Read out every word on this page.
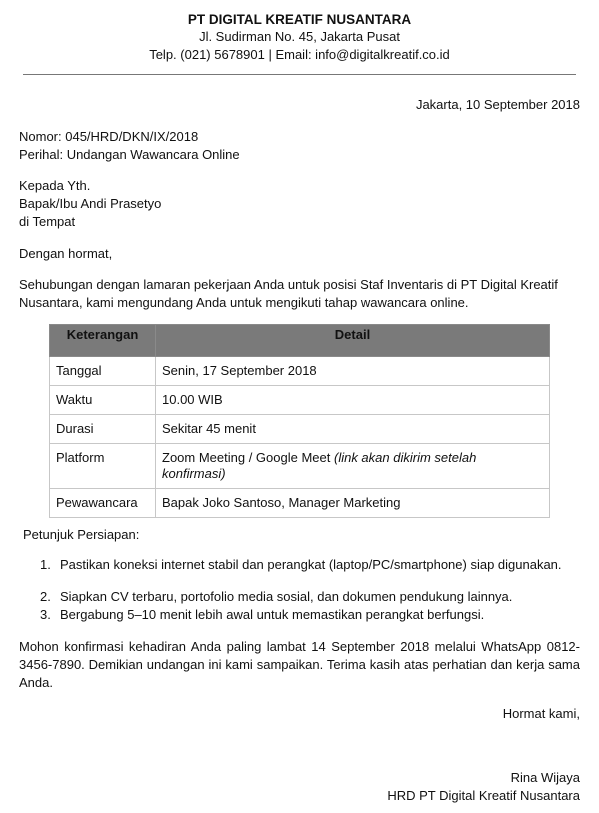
PT DIGITAL KREATIF NUSANTARA
Jl. Sudirman No. 45, Jakarta Pusat
Telp. (021) 5678901 | Email: info@digitalkreatif.co.id
Jakarta, 10 September 2018
Nomor: 045/HRD/DKN/IX/2018
Perihal: Undangan Wawancara Online
Kepada Yth.
Bapak/Ibu Andi Prasetyo
di Tempat
Dengan hormat,
Sehubungan dengan lamaran pekerjaan Anda untuk posisi Staf Inventaris di PT Digital Kreatif Nusantara, kami mengundang Anda untuk mengikuti tahap wawancara online.
Keterangan	Detail
Tanggal	Senin, 17 September 2018
Waktu	10.00 WIB
Durasi	Sekitar 45 menit
Platform	Zoom Meeting / Google Meet (link akan dikirim setelah konfirmasi)
Pewawancara	Bapak Joko Santoso, Manager Marketing
Petunjuk Persiapan:
1. Pastikan koneksi internet stabil dan perangkat (laptop/PC/smartphone) siap digunakan.
2. Siapkan CV terbaru, portofolio media sosial, dan dokumen pendukung lainnya.
3. Bergabung 5–10 menit lebih awal untuk memastikan perangkat berfungsi.
Mohon konfirmasi kehadiran Anda paling lambat 14 September 2018 melalui WhatsApp 0812-3456-7890. Demikian undangan ini kami sampaikan. Terima kasih atas perhatian dan kerja sama Anda.
Hormat kami,
Rina Wijaya
HRD PT Digital Kreatif Nusantara
